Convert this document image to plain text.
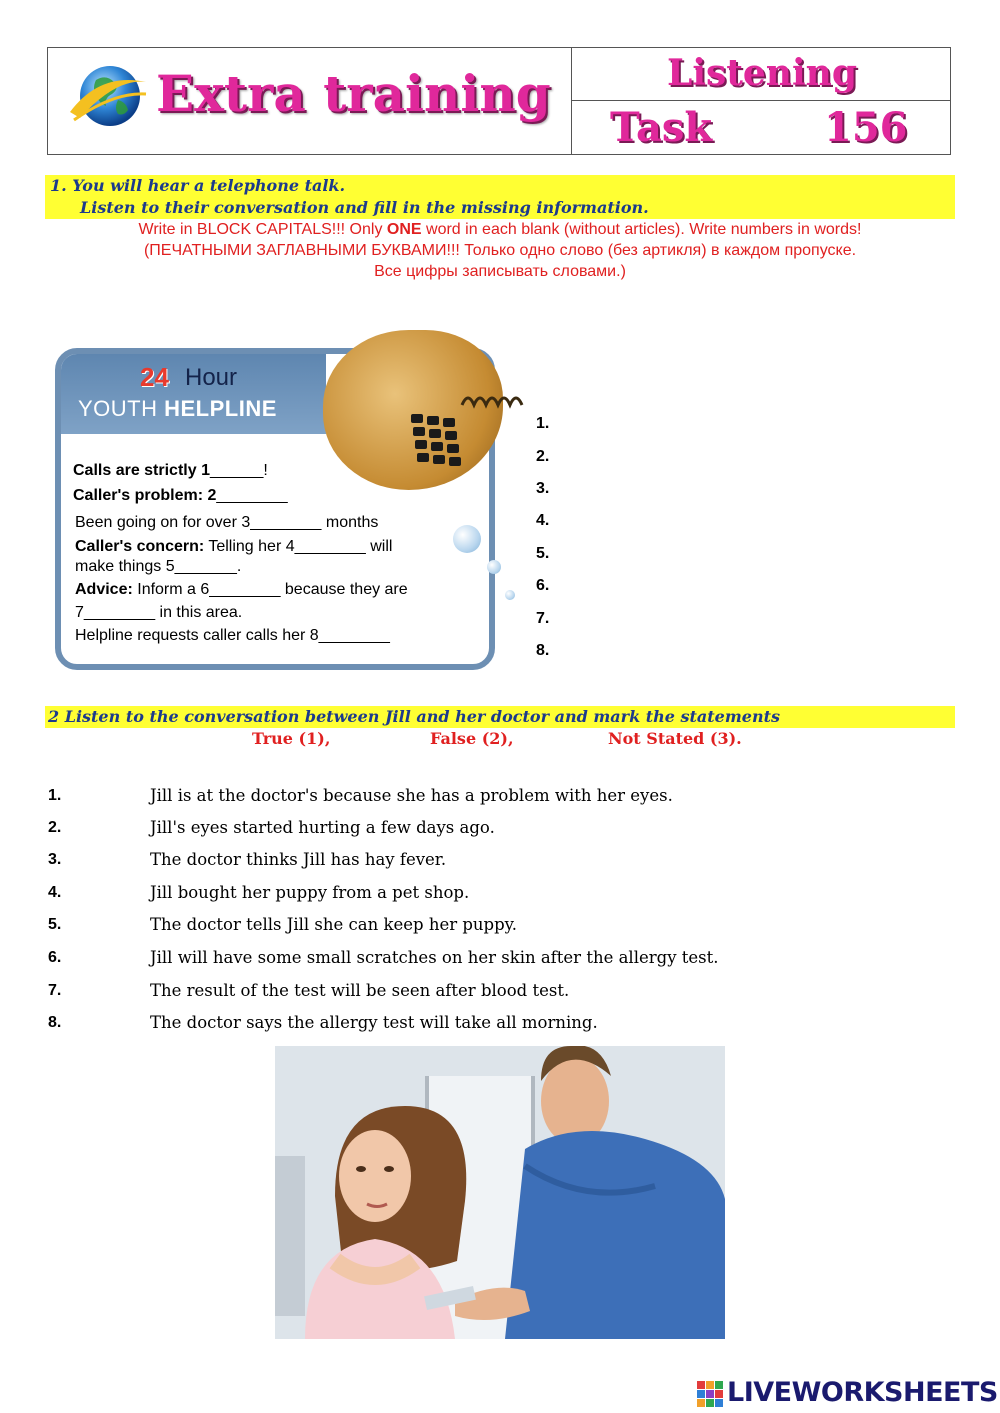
Extra training	Listening
Task	156
1. You will hear a telephone talk.
Listen to their conversation and fill in the missing information.
Write in BLOCK CAPITALS!!! Only ONE word in each blank (without articles). Write numbers in words!
(ПЕЧАТНЫМИ ЗАГЛАВНЫМИ БУКВАМИ!!! Только одно слово (без артикля) в каждом пропуске.
Все цифры записывать словами.)
24 Hour
YOUTH HELPLINE
Calls are strictly 1______!
Caller's problem: 2________
Been going on for over 3________ months
Caller's concern: Telling her 4________ will
make things 5_______.
Advice: Inform a 6________ because they are
7________ in this area.
Helpline requests caller calls her 8________
1.
2.
3.
4.
5.
6.
7.
8.
2 Listen to the conversation between Jill and her doctor and mark the statements
True (1),	False (2),	Not Stated (3).
1.	Jill is at the doctor's because she has a problem with her eyes.
2.	Jill's eyes started hurting a few days ago.
3.	The doctor thinks Jill has hay fever.
4.	Jill bought her puppy from a pet shop.
5.	The doctor tells Jill she can keep her puppy.
6.	Jill will have some small scratches on her skin after the allergy test.
7.	The result of the test will be seen after blood test.
8.	The doctor says the allergy test will take all morning.
LIVEWORKSHEETS
